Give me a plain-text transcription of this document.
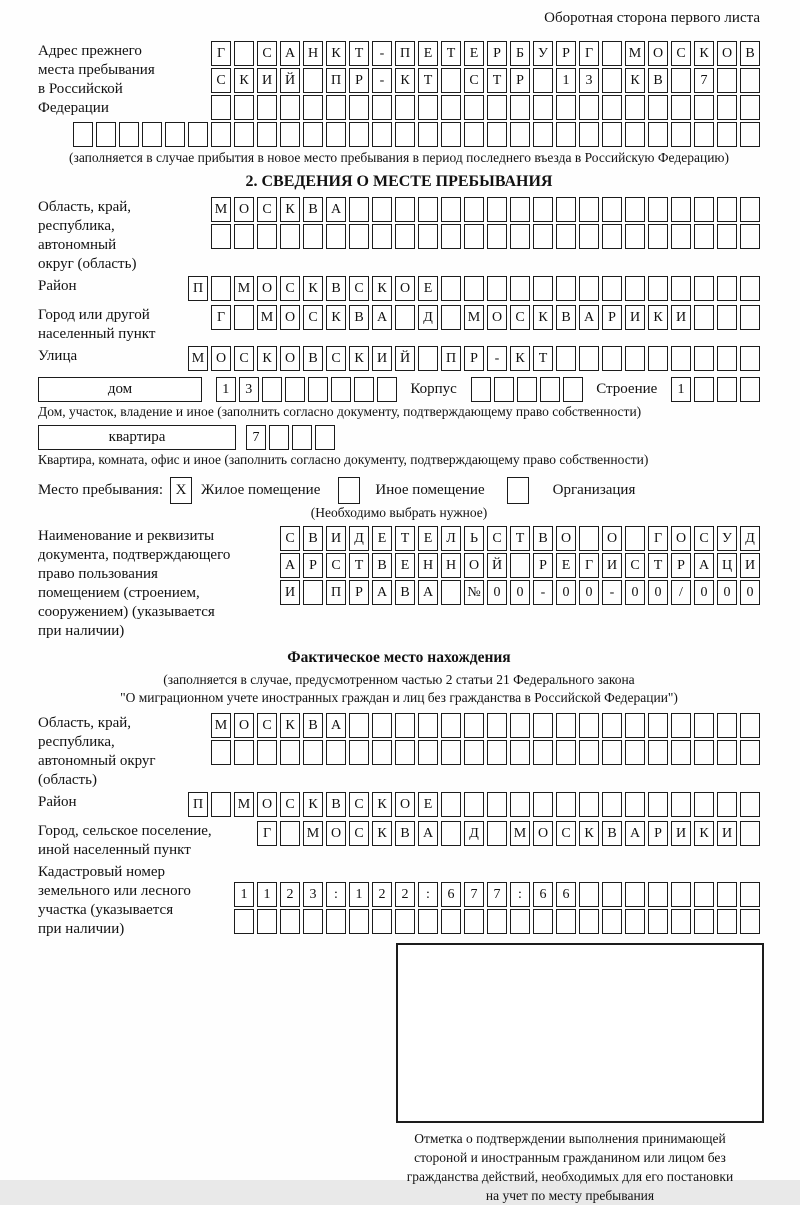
Оборотная сторона первого листа
Адрес прежнего
места пребывания
в Российской
Федерации
Г	С А Н К	Т	-	П Е	Т	Е	Р	Б	У	Р	Г	М О С К О В
С К И Й	П	Р	-	К	Т	С	Т	Р	1	3	К В	7
(заполняется в случае прибытия в новое место пребывания в период последнего въезда в Российскую Федерацию)
2. СВЕДЕНИЯ О МЕСТЕ ПРЕБЫВАНИЯ
Область, край,
республика,
автономный
округ (область)
М О С К В А
Район	П	М О С К В С К О Е
Город или другой
населенный пункт
Г	М О С К В А	Д	М О С К В А	Р	И К И
Улица	М О С К О В С К И Й	П	Р	-	К	Т
дом	1	3	Корпус	Строение	1
Дом, участок, владение и иное (заполнить согласно документу, подтверждающему право собственности)
квартира	7
Квартира, комната, офис и иное (заполнить согласно документу, подтверждающему право собственности)
Место пребывания: Х Жилое помещение	Иное помещение	Организация
(Необходимо выбрать нужное)
Наименование и реквизиты
документа, подтверждающего
право пользования
помещением (строением,
сооружением) (указывается
при наличии)
С В И Д Е	Т	Е Л	Ь	С	Т	В О	О	Г О С У Д
А	Р	С	Т	В	Е Н Н О Й	Р	Е	Г И С	Т	Р	А Ц И
И	П	Р	А В А	№ 0	0	-	0	0	-	0	0	/	0	0	0
Фактическое место нахождения
(заполняется в случае, предусмотренном частью 2 статьи 21 Федерального закона
"О миграционном учете иностранных граждан и лиц без гражданства в Российской Федерации")
Область, край,
республика,
автономный округ
(область)
М О С К В А
Район	П	М О С К В С К О Е
Город, сельское поселение,
иной населенный пункт
Г	М О С К В А	Д	М О С К В А	Р	И К И
Кадастровый номер
земельного или лесного
участка (указывается
при наличии)
1	1	2	3	:	1	2	2	:	6	7	7	:	6	6
Отметка о подтверждении выполнения принимающей
стороной и иностранным гражданином или лицом без
гражданства действий, необходимых для его постановки
на учет по месту пребывания
